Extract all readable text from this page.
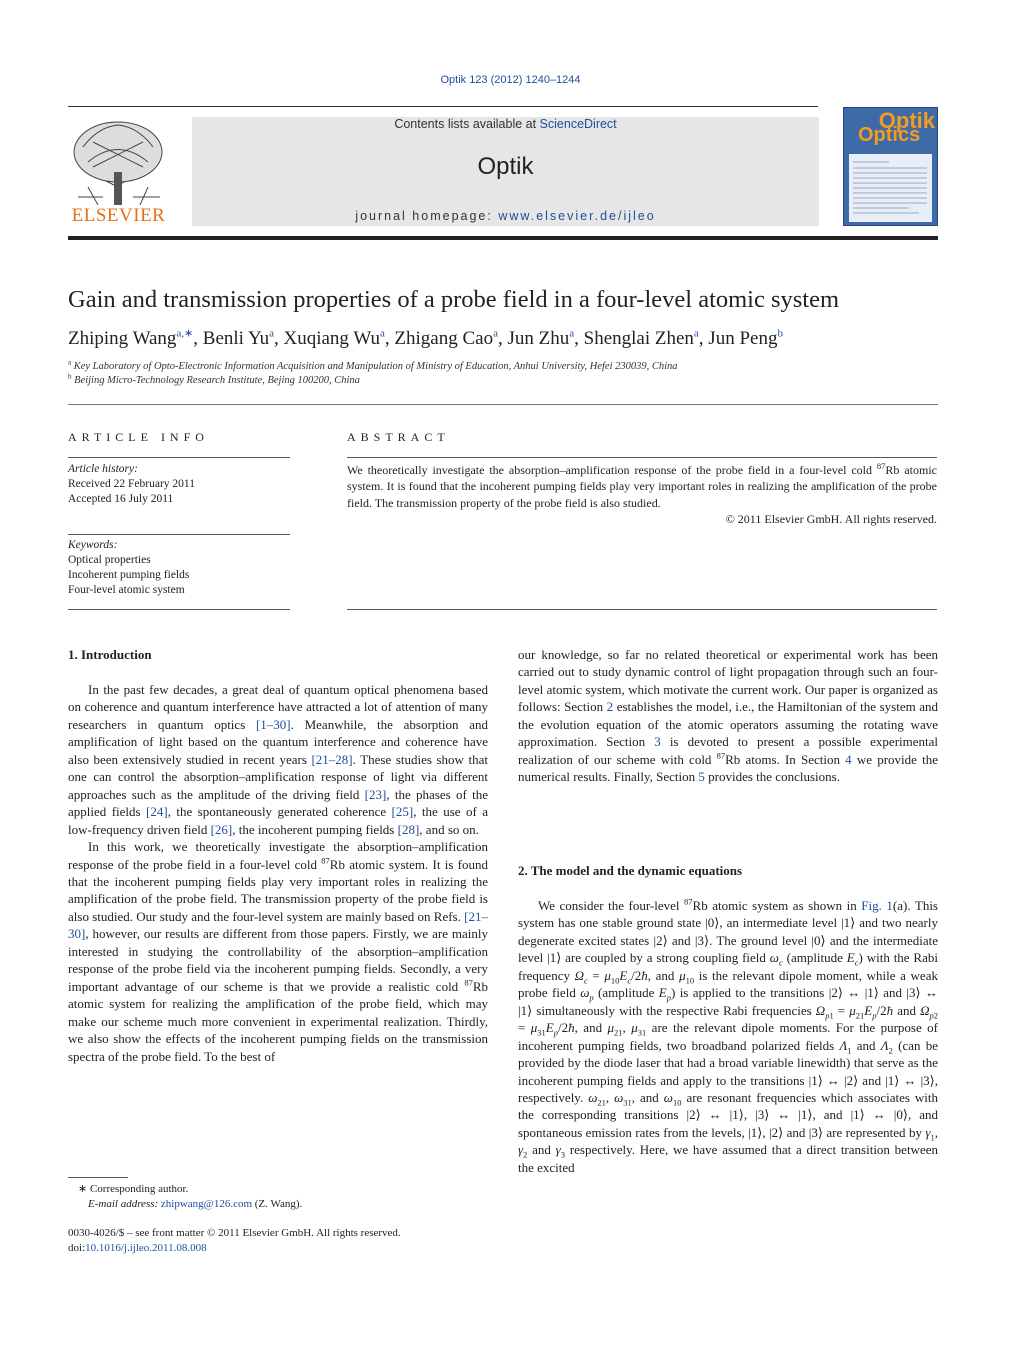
Optik 123 (2012) 1240–1244
ELSEVIER
Contents lists available at ScienceDirect
Optik
journal homepage: www.elsevier.de/ijleo
Optik
Optics
Gain and transmission properties of a probe field in a four-level atomic system
Zhiping Wang$^{a,∗}$, Benli Yu$^a$, Xuqiang Wu$^a$, Zhigang Cao$^a$, Jun Zhu$^a$, Shenglai Zhen$^a$, Jun Peng$^b$
$^a$ Key Laboratory of Opto-Electronic Information Acquisition and Manipulation of Ministry of Education, Anhui University, Hefei 230039, China
$^b$ Beijing Micro-Technology Research Institute, Bejing 100200, China
ARTICLE INFO
Article history:
Received 22 February 2011
Accepted 16 July 2011
Keywords:
Optical properties
Incoherent pumping fields
Four-level atomic system
ABSTRACT
We theoretically investigate the absorption–amplification response of the probe field in a four-level cold $^{87}$Rb atomic system. It is found that the incoherent pumping fields play very important roles in realizing the amplification of the probe field. The transmission property of the probe field is also studied.
© 2011 Elsevier GmbH. All rights reserved.
1. Introduction

In the past few decades, a great deal of quantum optical phenomena based on coherence and quantum interference have attracted a lot of attention of many researchers in quantum optics [1–30]. Meanwhile, the absorption and amplification of light based on the quantum interference and coherence have also been extensively studied in recent years [21–28]. These studies show that one can control the absorption–amplification response of light via different approaches such as the amplitude of the driving field [23], the phases of the applied fields [24], the spontaneously generated coherence [25], the use of a low-frequency driven field [26], the incoherent pumping fields [28], and so on.

In this work, we theoretically investigate the absorption–amplification response of the probe field in a four-level cold $^{87}$Rb atomic system. It is found that the incoherent pumping fields play very important roles in realizing the amplification of the probe field. The transmission property of the probe field is also studied. Our study and the four-level system are mainly based on Refs. [21–30], however, our results are different from those papers. Firstly, we are mainly interested in studying the controllability of the absorption–amplification response of the probe field via the incoherent pumping fields. Secondly, a very important advantage of our scheme is that we provide a realistic cold $^{87}$Rb atomic system for realizing the amplification of the probe field, which may make our scheme much more convenient in experimental realization. Thirdly, we also show the effects of the incoherent pumping fields on the transmission spectra of the probe field. To the best of

∗ Corresponding author.
E-mail address: zhipwang@126.com (Z. Wang).
0030-4026/$ – see front matter © 2011 Elsevier GmbH. All rights reserved.
doi:10.1016/j.ijleo.2011.08.008

our knowledge, so far no related theoretical or experimental work has been carried out to study dynamic control of light propagation through such an four-level atomic system, which motivate the current work. Our paper is organized as follows: Section 2 establishes the model, i.e., the Hamiltonian of the system and the evolution equation of the atomic operators assuming the rotating wave approximation. Section 3 is devoted to present a possible experimental realization of our scheme with cold $^{87}$Rb atoms. In Section 4 we provide the numerical results. Finally, Section 5 provides the conclusions.

2. The model and the dynamic equations

We consider the four-level $^{87}$Rb atomic system as shown in Fig. 1(a). This system has one stable ground state |0⟩, an intermediate level |1⟩ and two nearly degenerate excited states |2⟩ and |3⟩. The ground level |0⟩ and the intermediate level |1⟩ are coupled by a strong coupling field $\omega_c$ (amplitude $E_c$) with the Rabi frequency $\Omega_c$ = $\mu_{10}E_c/2ħ$, and $\mu_{10}$ is the relevant dipole moment, while a weak probe field $\omega_p$ (amplitude $E_p$) is applied to the transitions |2⟩ ↔ |1⟩ and |3⟩ ↔ |1⟩ simultaneously with the respective Rabi frequencies $\Omega_{p1}$ = $\mu_{21}E_p/2ħ$ and $\Omega_{p2}$ = $\mu_{31}E_p/2ħ$, and $\mu_{21}$, $\mu_{31}$ are the relevant dipole moments. For the purpose of incoherent pumping fields, two broadband polarized fields $\Lambda_1$ and $\Lambda_2$ (can be provided by the diode laser that had a broad variable linewidth) that serve as the incoherent pumping fields and apply to the transitions |1⟩ ↔ |2⟩ and |1⟩ ↔ |3⟩, respectively. $\omega_{21}$, $\omega_{31}$, and $\omega_{10}$ are resonant frequencies which associates with the corresponding transitions |2⟩ ↔ |1⟩, |3⟩ ↔ |1⟩, and |1⟩ ↔ |0⟩, and spontaneous emission rates from the levels, |1⟩, |2⟩ and |3⟩ are represented by $\gamma_1$, $\gamma_2$ and $\gamma_3$ respectively. Here, we have assumed that a direct transition between the excited
